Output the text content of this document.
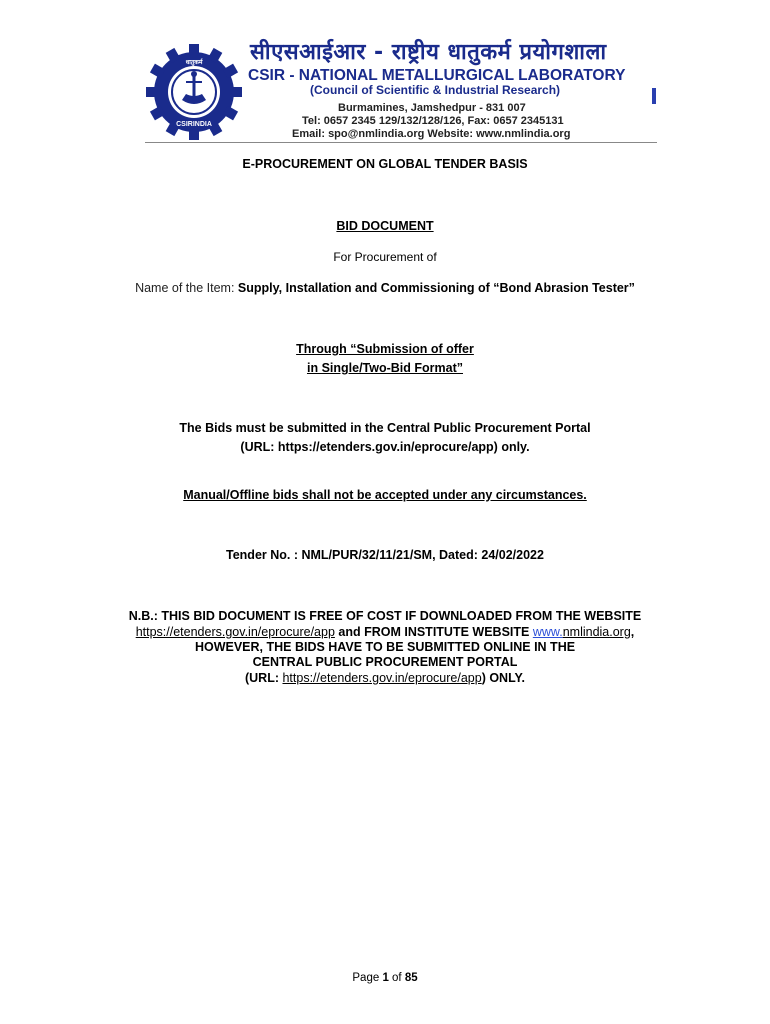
CSIRINDIA
धातुकर्म सीएसआईआर - राष्ट्रीय धातुकर्म प्रयोगशाला
CSIR - NATIONAL METALLURGICAL LABORATORY
(Council of Scientific & Industrial Research)
Burmamines, Jamshedpur - 831 007
Tel: 0657 2345 129/132/128/126, Fax: 0657 2345131
Email: spo@nmlindia.org Website: www.nmlindia.org
E-PROCUREMENT ON GLOBAL TENDER BASIS
BID DOCUMENT
For Procurement of
Name of the Item: Supply, Installation and Commissioning of “Bond Abrasion Tester”
Through “Submission of offer
in Single/Two-Bid Format”
The Bids must be submitted in the Central Public Procurement Portal
(URL: https://etenders.gov.in/eprocure/app) only.
Manual/Offline bids shall not be accepted under any circumstances.
Tender No. : NML/PUR/32/11/21/SM, Dated: 24/02/2022
N.B.: THIS BID DOCUMENT IS FREE OF COST IF DOWNLOADED FROM THE WEBSITE
https://etenders.gov.in/eprocure/app and FROM INSTITUTE WEBSITE www.nmlindia.org,
HOWEVER, THE BIDS HAVE TO BE SUBMITTED ONLINE IN THE
CENTRAL PUBLIC PROCUREMENT PORTAL
(URL: https://etenders.gov.in/eprocure/app) ONLY.
Page 1 of 85
